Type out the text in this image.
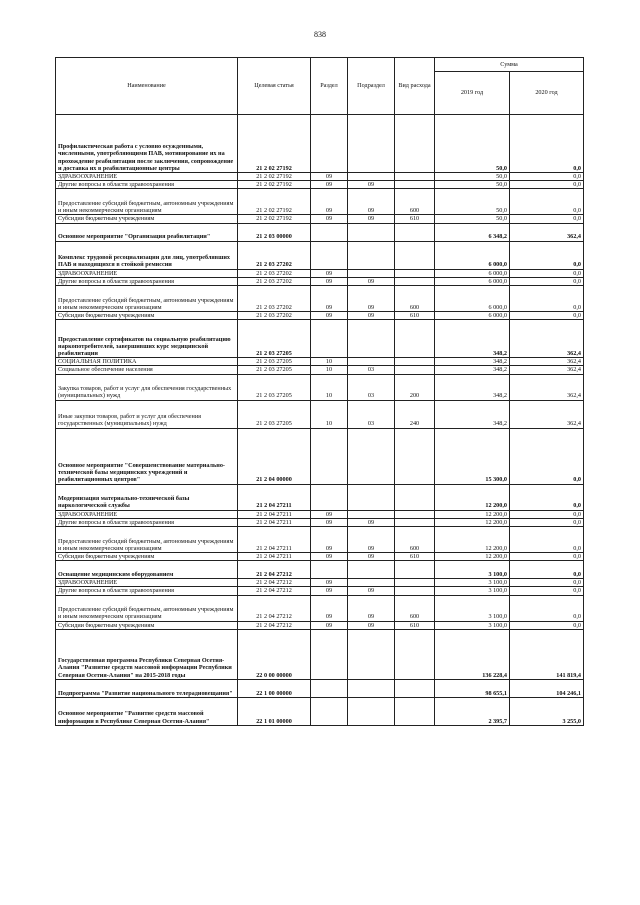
838
Наименование	Целевая статья	Раздел	Подраздел	Вид расхода	Сумма	
					2019 год	2020 год
Профилактическая работа с условно осужденными, численными, употребляющими ПАВ, мотивирование их на прохождение реабилитации после заключения, сопровождение и доставка их в реабилитационные центры	21 2 02 27192				50,0	0,0
ЗДРАВООХРАНЕНИЕ	21 2 02 27192	09			50,0	0,0
Другие вопросы в области здравоохранения	21 2 02 27192	09	09		50,0	0,0
Предоставление субсидий бюджетным, автономным учреждениям и иным некоммерческим организациям	21 2 02 27192	09	09	600	50,0	0,0
Субсидии бюджетным учреждениям	21 2 02 27192	09	09	610	50,0	0,0
Основное мероприятие "Организация реабилитации"	21 2 03 00000				6 348,2	362,4
Комплекс трудовой ресоциализации для лиц, употреблявших ПАВ и находящихся в стойкой ремиссии	21 2 03 27202				6 000,0	0,0
ЗДРАВООХРАНЕНИЕ	21 2 03 27202	09			6 000,0	0,0
Другие вопросы в области здравоохранения	21 2 03 27202	09	09		6 000,0	0,0
Предоставление субсидий бюджетным, автономным учреждениям и иным некоммерческим организациям	21 2 03 27202	09	09	600	6 000,0	0,0
Субсидии бюджетным учреждениям	21 2 03 27202	09	09	610	6 000,0	0,0
Предоставление сертификатов на социальную реабилитацию наркопотребителей, завершивших курс медицинской реабилитации	21 2 03 27205				348,2	362,4
СОЦИАЛЬНАЯ ПОЛИТИКА	21 2 03 27205	10			348,2	362,4
Социальное обеспечение населения	21 2 03 27205	10	03		348,2	362,4
Закупка товаров, работ и услуг для обеспечения государственных (муниципальных) нужд	21 2 03 27205	10	03	200	348,2	362,4
Иные закупки товаров, работ и услуг для обеспечения государственных (муниципальных) нужд	21 2 03 27205	10	03	240	348,2	362,4
Основное мероприятие "Совершенствование материально-технической базы медицинских учреждений и реабилитационных центров"	21 2 04 00000				15 300,0	0,0
Модернизация материально-технической базы наркологической службы	21 2 04 27211				12 200,0	0,0
ЗДРАВООХРАНЕНИЕ	21 2 04 27211	09			12 200,0	0,0
Другие вопросы в области здравоохранения	21 2 04 27211	09	09		12 200,0	0,0
Предоставление субсидий бюджетным, автономным учреждениям и иным некоммерческим организациям	21 2 04 27211	09	09	600	12 200,0	0,0
Субсидии бюджетным учреждениям	21 2 04 27211	09	09	610	12 200,0	0,0
Оснащение медицинским оборудованием	21 2 04 27212				3 100,0	0,0
ЗДРАВООХРАНЕНИЕ	21 2 04 27212	09			3 100,0	0,0
Другие вопросы в области здравоохранения	21 2 04 27212	09	09		3 100,0	0,0
Предоставление субсидий бюджетным, автономным учреждениям и иным некоммерческим организациям	21 2 04 27212	09	09	600	3 100,0	0,0
Субсидии бюджетным учреждениям	21 2 04 27212	09	09	610	3 100,0	0,0
Государственная программа Республики Северная Осетия-Алания "Развитие средств массовой информации Республики Северная Осетия-Алания" на 2015-2018 годы	22 0 00 00000				136 228,4	141 819,4
Подпрограмма "Развитие национального телерадиовещания"	22 1 00 00000				98 655,1	104 246,1
Основное мероприятие "Развитие средств массовой информации в Республике Северная Осетия-Алания"	22 1 01 00000				2 395,7	3 255,0
